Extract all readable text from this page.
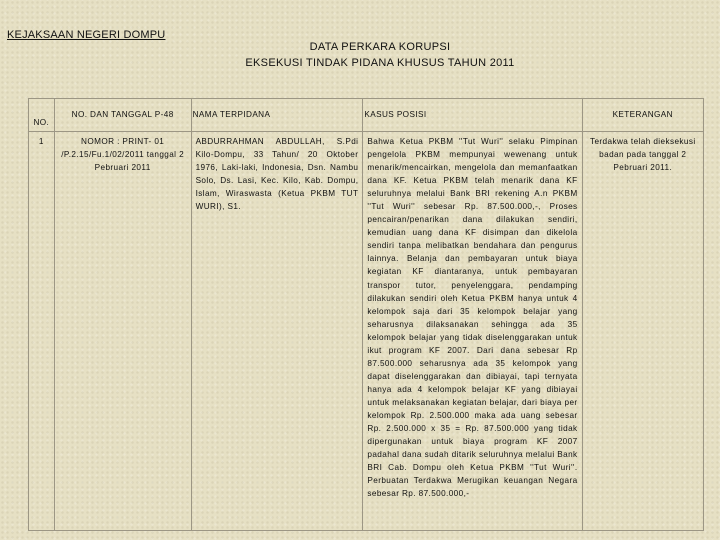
KEJAKSAAN NEGERI DOMPU
DATA PERKARA KORUPSI
EKSEKUSI TINDAK PIDANA KHUSUS TAHUN 2011
NO.	NO. DAN TANGGAL P-48	NAMA TERPIDANA	KASUS POSISI	KETERANGAN
1	NOMOR : PRINT- 01 /P.2.15/Fu.1/02/2011 tanggal 2 Pebruari 2011	ABDURRAHMAN ABDULLAH, S.Pdi Kilo-Dompu, 33 Tahun/ 20 Oktober 1976, Laki-laki, Indonesia, Dsn. Nambu Solo, Ds. Lasi, Kec. Kilo, Kab. Dompu, Islam, Wiraswasta (Ketua PKBM TUT WURI), S1.	Bahwa Ketua PKBM ''Tut Wuri'' selaku Pimpinan pengelola PKBM mempunyai wewenang untuk menarik/mencairkan, mengelola dan memanfaatkan dana KF. Ketua PKBM telah menarik dana KF seluruhnya melalui Bank BRI rekening A.n PKBM ''Tut Wuri'' sebesar Rp. 87.500.000,-, Proses pencairan/penarikan dana dilakukan sendiri, kemudian uang dana KF disimpan dan dikelola sendiri tanpa melibatkan bendahara dan pengurus lainnya. Belanja dan pembayaran untuk biaya kegiatan KF diantaranya, untuk pembayaran transpor tutor, penyelenggara, pendamping dilakukan sendiri oleh Ketua PKBM hanya untuk 4 kelompok saja dari 35 kelompok belajar yang seharusnya dilaksanakan sehingga ada 35 kelompok belajar yang tidak diselenggarakan untuk ikut program KF 2007. Dari dana sebesar Rp 87.500.000 seharusnya ada 35 kelompok yang dapat diselenggarakan dan dibiayai, tapi ternyata hanya ada 4 kelompok belajar KF yang dibiayai untuk melaksanakan kegiatan belajar, dari biaya per kelompok Rp. 2.500.000 maka ada uang sebesar Rp. 2.500.000 x 35 = Rp. 87.500.000 yang tidak dipergunakan untuk biaya program KF 2007 padahal dana sudah ditarik seluruhnya melalui Bank BRI Cab. Dompu oleh Ketua PKBM ''Tut Wuri''. Perbuatan Terdakwa Merugikan keuangan Negara sebesar Rp. 87.500.000,-	Terdakwa telah dieksekusi badan pada tanggal 2 Pebruari 2011.
